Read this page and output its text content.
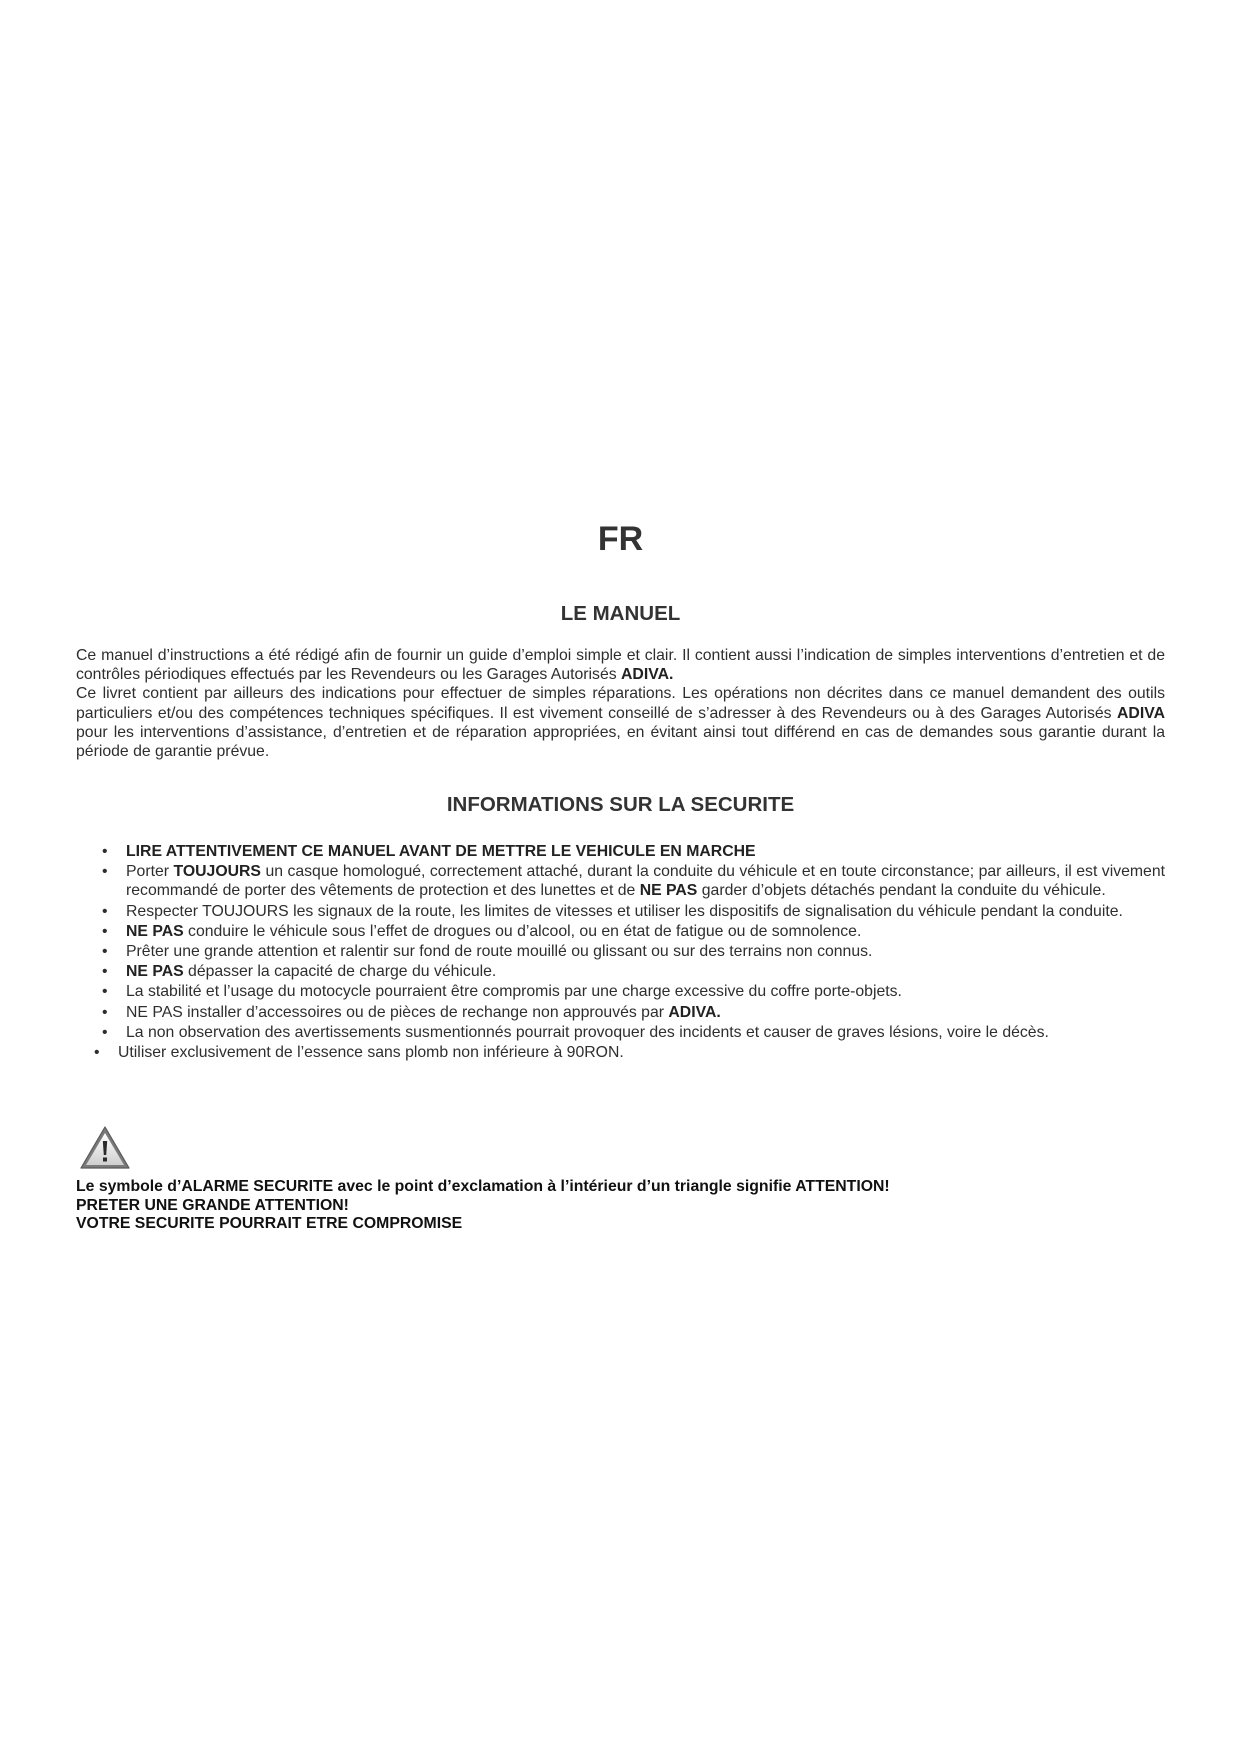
FR
LE MANUEL

Ce manuel d’instructions a été rédigé afin de fournir un guide d’emploi simple et clair. Il contient aussi l’indication de simples interventions d’entretien et de contrôles périodiques effectués par les Revendeurs ou les Garages Autorisés ADIVA.

Ce livret contient par ailleurs des indications pour effectuer de simples réparations. Les opérations non décrites dans ce manuel demandent des outils particuliers et/ou des compétences techniques spécifiques. Il est vivement conseillé de s’adresser à des Revendeurs ou à des Garages Autorisés ADIVA pour les interventions d’assistance, d’entretien et de réparation appropriées, en évitant ainsi tout différend en cas de demandes sous garantie durant la période de garantie prévue.

INFORMATIONS SUR LA SECURITE
• LIRE ATTENTIVEMENT CE MANUEL AVANT DE METTRE LE VEHICULE EN MARCHE
• Porter TOUJOURS un casque homologué, correctement attaché, durant la conduite du véhicule et en toute circonstance; par ailleurs, il est vivement recommandé de porter des vêtements de protection et des lunettes et de NE PAS garder d’objets détachés pendant la conduite du véhicule.
• Respecter TOUJOURS les signaux de la route, les limites de vitesses et utiliser les dispositifs de signalisation du véhicule pendant la conduite.
• NE PAS conduire le véhicule sous l’effet de drogues ou d’alcool, ou en état de fatigue ou de somnolence.
• Prêter une grande attention et ralentir sur fond de route mouillé ou glissant ou sur des terrains non connus.
• NE PAS dépasser la capacité de charge du véhicule.
• La stabilité et l’usage du motocycle pourraient être compromis par une charge excessive du coffre porte-objets.
• NE PAS installer d’accessoires ou de pièces de rechange non approuvés par ADIVA.
• La non observation des avertissements susmentionnés pourrait provoquer des incidents et causer de graves lésions, voire le décès.
• Utiliser exclusivement de l’essence sans plomb non inférieure à 90RON.
Le symbole d’ALARME SECURITE avec le point d’exclamation à l’intérieur d’un triangle signifie ATTENTION!
PRETER UNE GRANDE ATTENTION!
VOTRE SECURITE POURRAIT ETRE COMPROMISE
